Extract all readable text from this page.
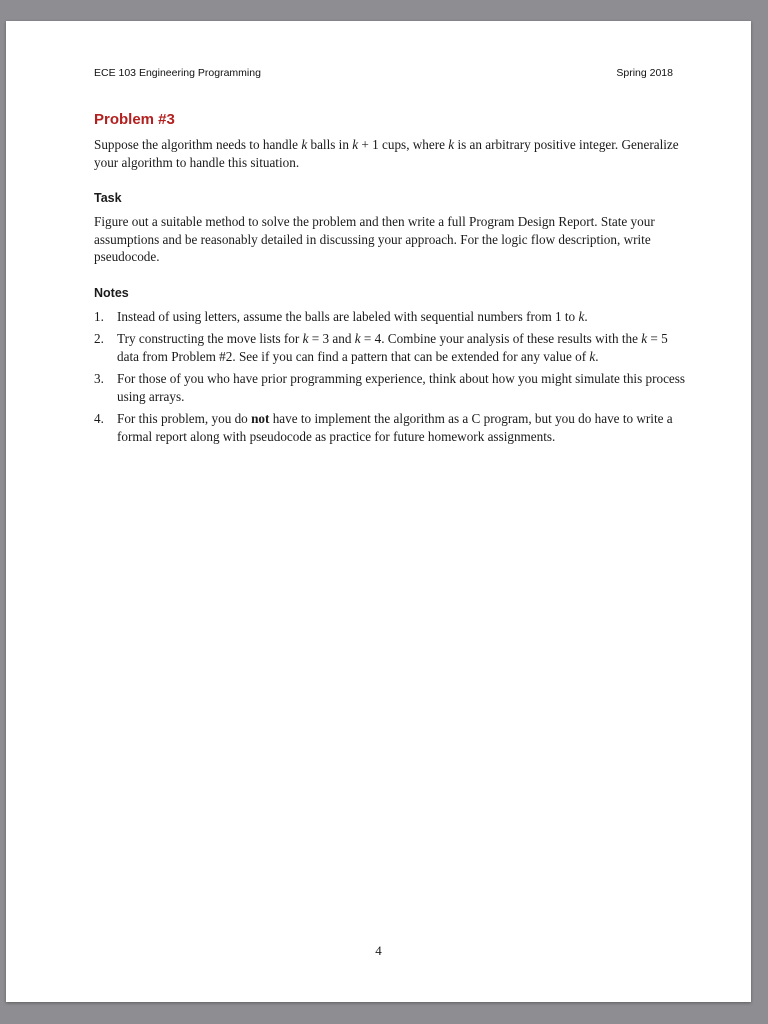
ECE 103 Engineering Programming	Spring 2018
Problem #3

Suppose the algorithm needs to handle k balls in k + 1 cups, where k is an arbitrary positive integer. Generalize your algorithm to handle this situation.

Task

Figure out a suitable method to solve the problem and then write a full Program Design Report. State your assumptions and be reasonably detailed in discussing your approach. For the logic flow description, write pseudocode.

Notes
1. Instead of using letters, assume the balls are labeled with sequential numbers from 1 to k.
2. Try constructing the move lists for k = 3 and k = 4. Combine your analysis of these results with the k = 5 data from Problem #2. See if you can find a pattern that can be extended for any value of k.
3. For those of you who have prior programming experience, think about how you might simulate this process using arrays.
4. For this problem, you do not have to implement the algorithm as a C program, but you do have to write a formal report along with pseudocode as practice for future homework assignments.
4
